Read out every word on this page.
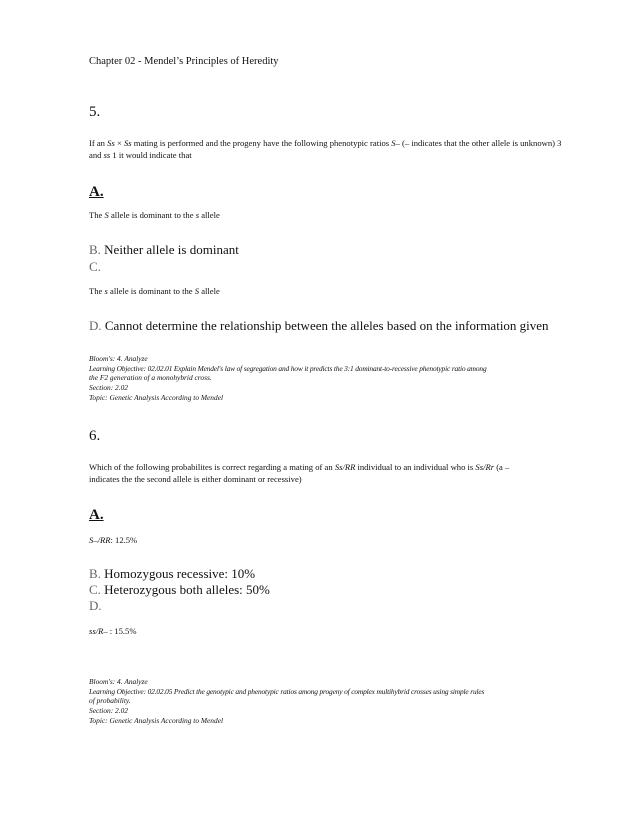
Chapter 02 - Mendel’s Principles of Heredity
5.
If an Ss × Ss mating is performed and the progeny have the following phenotypic ratios S– (– indicates that the other allele is unknown) 3 and ss 1 it would indicate that
A.
The S allele is dominant to the s allele
B. Neither allele is dominant
C.
The s allele is dominant to the S allele
D. Cannot determine the relationship between the alleles based on the information given
Bloom's: 4. Analyze
Learning Objective: 02.02.01 Explain Mendel's law of segregation and how it predicts the 3:1 dominant-to-recessive phenotypic ratio among
the F2 generation of a monohybrid cross.
Section: 2.02
Topic: Genetic Analysis According to Mendel
6.
Which of the following probabilites is correct regarding a mating of an Ss/RR individual to an individual who is Ss/Rr (a –
indicates the the second allele is either dominant or recessive)
A.
S–/RR: 12.5%
B. Homozygous recessive: 10%
C. Heterozygous both alleles: 50%
D.
ss/R– : 15.5%
Bloom's: 4. Analyze
Learning Objective: 02.02.05 Predict the genotypic and phenotypic ratios among progeny of complex multihybrid crosses using simple rules
of probability.
Section: 2.02
Topic: Genetic Analysis According to Mendel
